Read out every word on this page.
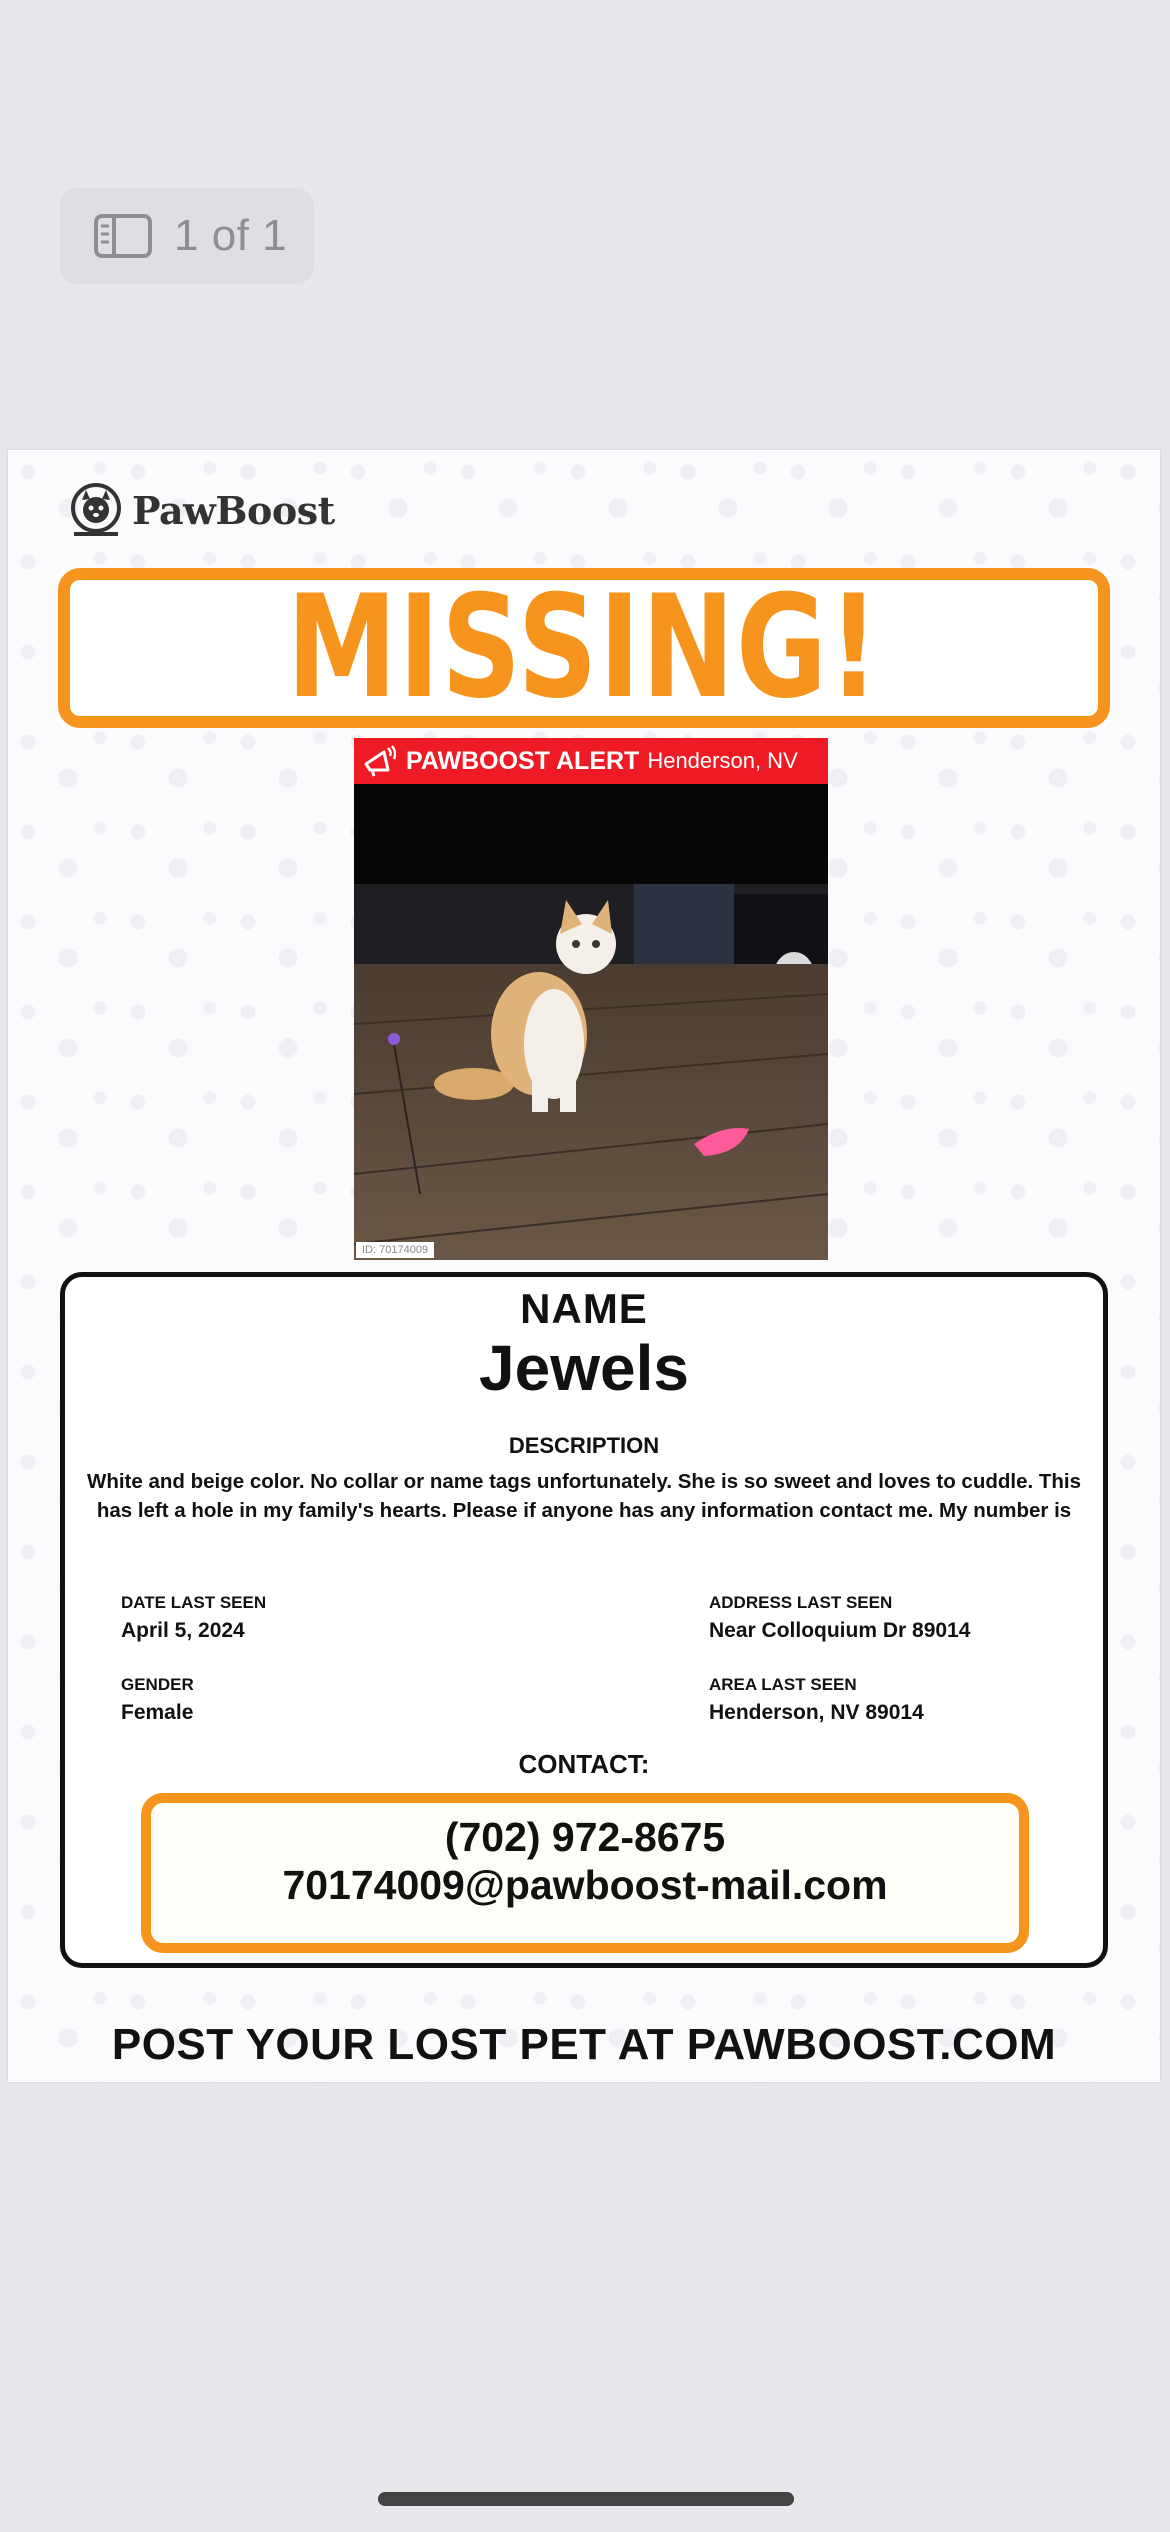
1 of 1
PawBoost
MISSING!
PAWBOOST ALERT Henderson, NV
ID: 70174009
NAME
Jewels
DESCRIPTION
White and beige color. No collar or name tags unfortunately. She is so sweet and loves to cuddle. This has left a hole in my family's hearts. Please if anyone has any information contact me. My number is
DATE LAST SEEN
April 5, 2024
ADDRESS LAST SEEN
Near Colloquium Dr 89014
GENDER
Female
AREA LAST SEEN
Henderson, NV 89014
CONTACT:
(702) 972-8675
70174009@pawboost-mail.com
POST YOUR LOST PET AT PAWBOOST.COM
